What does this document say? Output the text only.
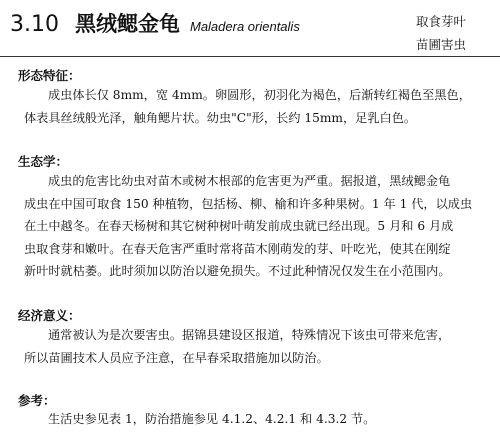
3.10 黑绒鳃金龟 Maladera orientalis	取食芽叶
苗圃害虫
形态特征：
成虫体长仅 8mm，宽 4mm。卵圆形，初羽化为褐色，后渐转红褐色至黑色，
体表具丝绒般光泽，触角鳃片状。幼虫"C"形，长约 15mm，足乳白色。
生态学：
成虫的危害比幼虫对苗木或树木根部的危害更为严重。据报道，黑绒鳃金龟
成虫在中国可取食 150 种植物，包括杨、柳、榆和许多种果树。1 年 1 代，以成虫
在土中越冬。在春天杨树和其它树种树叶萌发前成虫就已经出现。5 月和 6 月成
虫取食芽和嫩叶。在春天危害严重时常将苗木刚萌发的芽、叶吃光，使其在刚绽
新叶时就枯萎。此时须加以防治以避免损失。不过此种情况仅发生在小范围内。
经济意义：
通常被认为是次要害虫。据锦县建设区报道，特殊情况下该虫可带来危害，
所以苗圃技术人员应予注意，在早春采取措施加以防治。
参考：
生活史参见表 1，防治措施参见 4.1.2、4.2.1 和 4.3.2 节。
